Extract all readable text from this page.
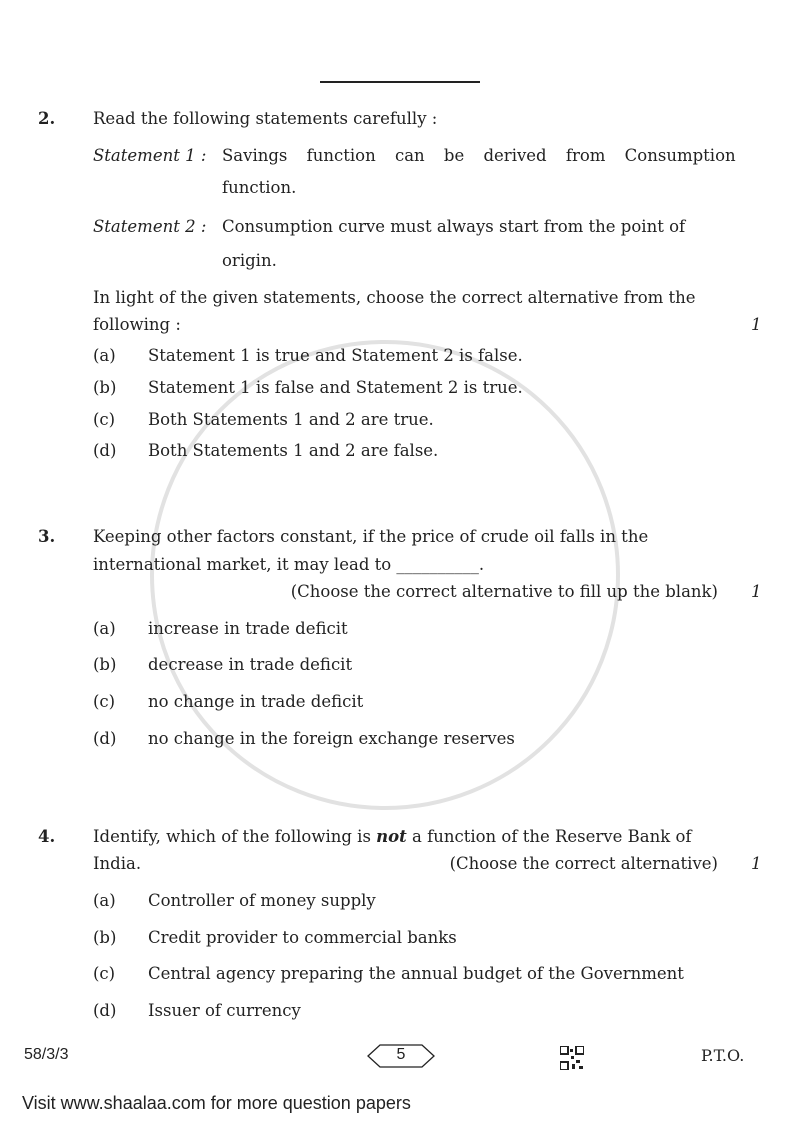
2. Read the following statements carefully :
Statement 1 : Savings function can be derived from Consumption
function.
Statement 2 : Consumption curve must always start from the point of
origin.
In light of the given statements, choose the correct alternative from the
following :	1
(a) Statement 1 is true and Statement 2 is false.
(b) Statement 1 is false and Statement 2 is true.
(c) Both Statements 1 and 2 are true.
(d) Both Statements 1 and 2 are false.
3. Keeping other factors constant, if the price of crude oil falls in the
international market, it may lead to __________.
(Choose the correct alternative to fill up the blank) 1
(a) increase in trade deficit
(b) decrease in trade deficit
(c) no change in trade deficit
(d) no change in the foreign exchange reserves
4. Identify, which of the following is not a function of the Reserve Bank of
India.	(Choose the correct alternative) 1
(a) Controller of money supply
(b) Credit provider to commercial banks
(c) Central agency preparing the annual budget of the Government
(d) Issuer of currency
58/3/3	5	P.T.O.
Visit www.shaalaa.com for more question papers
